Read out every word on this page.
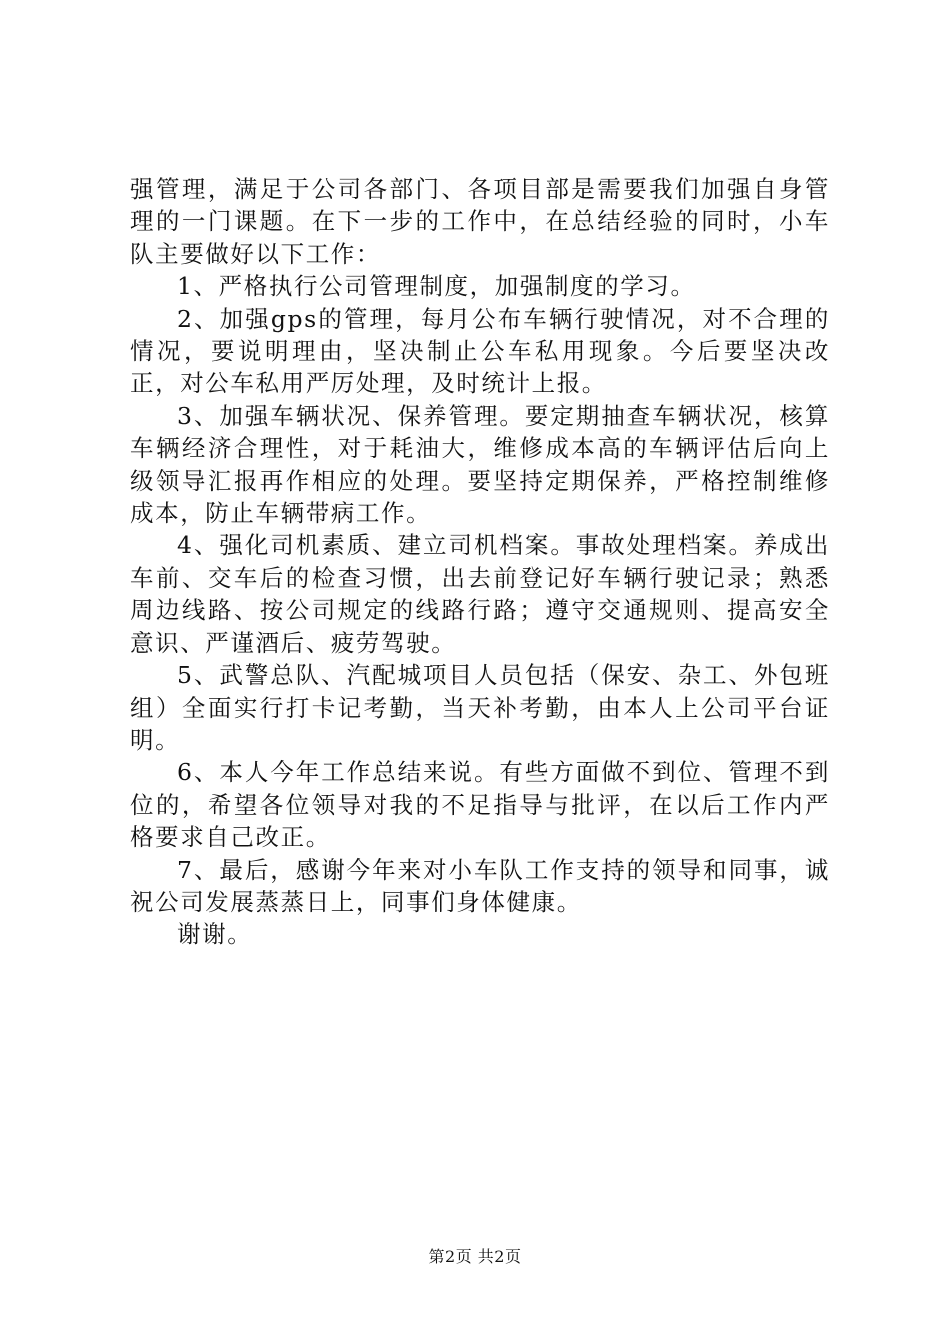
强管理，满足于公司各部门、各项目部是需要我们加强自身管理的一门课题。在下一步的工作中，在总结经验的同时，小车队主要做好以下工作：

1、严格执行公司管理制度，加强制度的学习。

2、加强gps的管理，每月公布车辆行驶情况，对不合理的情况，要说明理由，坚决制止公车私用现象。今后要坚决改正，对公车私用严厉处理，及时统计上报。

3、加强车辆状况、保养管理。要定期抽查车辆状况，核算车辆经济合理性，对于耗油大，维修成本高的车辆评估后向上级领导汇报再作相应的处理。要坚持定期保养，严格控制维修成本，防止车辆带病工作。

4、强化司机素质、建立司机档案。事故处理档案。养成出车前、交车后的检查习惯，出去前登记好车辆行驶记录；熟悉周边线路、按公司规定的线路行路；遵守交通规则、提高安全意识、严谨酒后、疲劳驾驶。

5、武警总队、汽配城项目人员包括（保安、杂工、外包班组）全面实行打卡记考勤，当天补考勤，由本人上公司平台证明。

6、本人今年工作总结来说。有些方面做不到位、管理不到位的，希望各位领导对我的不足指导与批评，在以后工作内严格要求自己改正。

7、最后，感谢今年来对小车队工作支持的领导和同事，诚祝公司发展蒸蒸日上，同事们身体健康。

谢谢。

第2页 共2页
